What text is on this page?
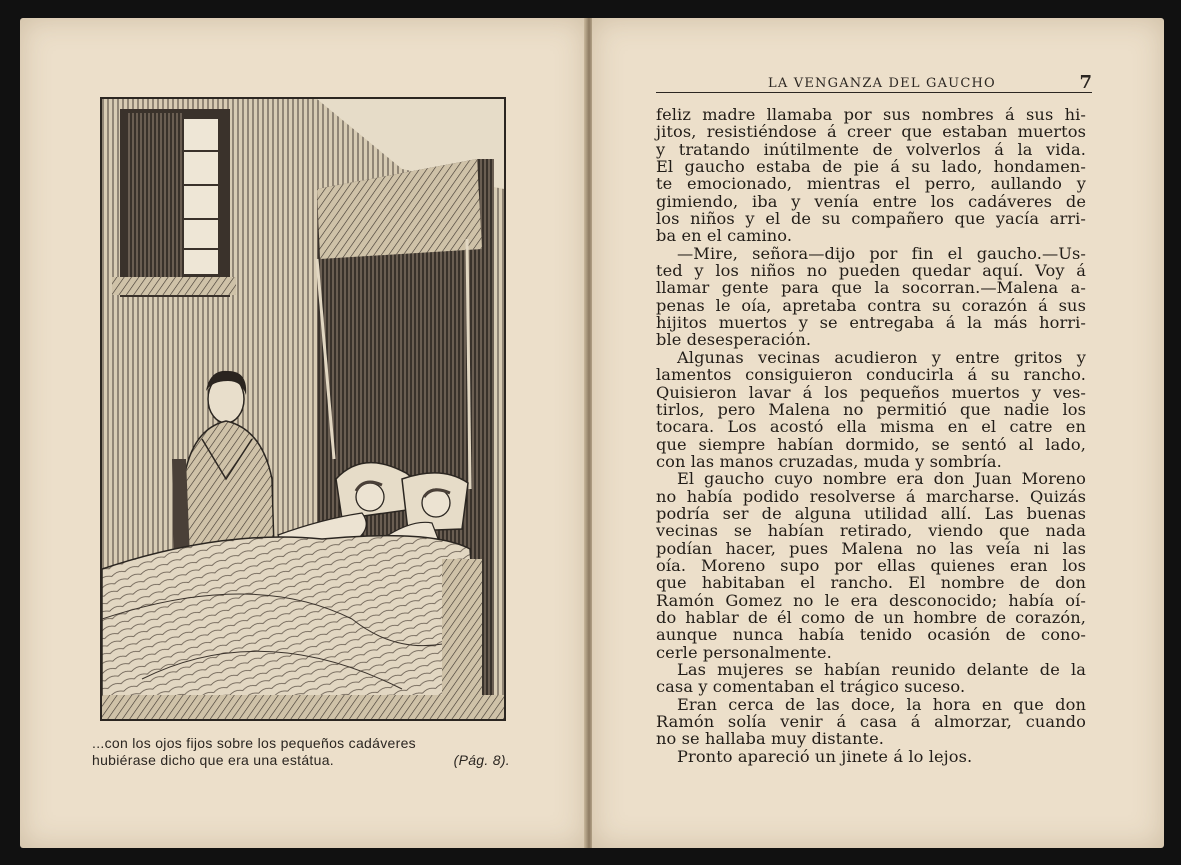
...con los ojos fijos sobre los pequeños cadáveres
hubiérase dicho que era una estátua.	(Pág. 8).
LA VENGANZA DEL GAUCHO	7
feliz madre llamaba por sus nombres á sus hi-
jitos, resistiéndose á creer que estaban muertos
y tratando inútilmente de volverlos á la vida.
El gaucho estaba de pie á su lado, hondamen-
te emocionado, mientras el perro, aullando y
gimiendo, iba y venía entre los cadáveres de
los niños y el de su compañero que yacía arri-
ba en el camino.
—Mire, señora—dijo por fin el gaucho.—Us-
ted y los niños no pueden quedar aquí. Voy á
llamar gente para que la socorran.—Malena a-
penas le oía, apretaba contra su corazón á sus
hijitos muertos y se entregaba á la más horri-
ble desesperación.
Algunas vecinas acudieron y entre gritos y
lamentos consiguieron conducirla á su rancho.
Quisieron lavar á los pequeños muertos y ves-
tirlos, pero Malena no permitió que nadie los
tocara. Los acostó ella misma en el catre en
que siempre habían dormido, se sentó al lado,
con las manos cruzadas, muda y sombría.
El gaucho cuyo nombre era don Juan Moreno
no había podido resolverse á marcharse. Quizás
podría ser de alguna utilidad allí. Las buenas
vecinas se habían retirado, viendo que nada
podían hacer, pues Malena no las veía ni las
oía. Moreno supo por ellas quienes eran los
que habitaban el rancho. El nombre de don
Ramón Gomez no le era desconocido; había oí-
do hablar de él como de un hombre de corazón,
aunque nunca había tenido ocasión de cono-
cerle personalmente.
Las mujeres se habían reunido delante de la
casa y comentaban el trágico suceso.
Eran cerca de las doce, la hora en que don
Ramón solía venir á casa á almorzar, cuando
no se hallaba muy distante.
Pronto apareció un jinete á lo lejos.
